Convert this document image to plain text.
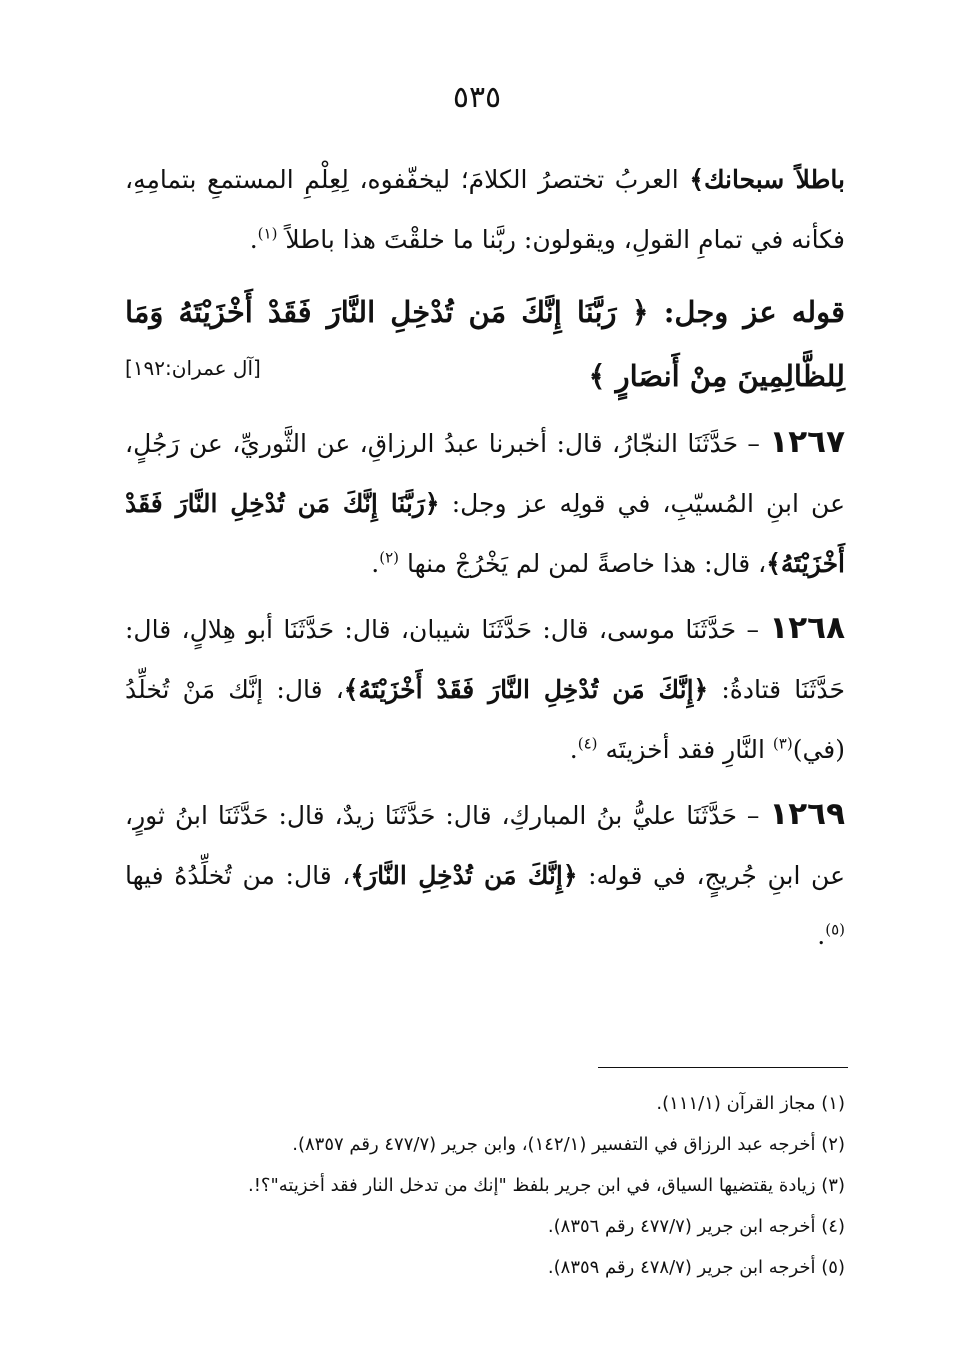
٥٣٥

باطلاً سبحانك﴾ العربُ تختصرُ الكلامَ؛ ليخفّفوه، لِعِلْمِ المستمعِ بتمامِهِ، فكأنه في تمامِ القولِ، ويقولون: ربَّنا ما خلقْتَ هذا باطلاً $^{(١)}$.

قوله عز وجل: ﴿ رَبَّنَا إِنَّكَ مَن تُدْخِلِ النَّارَ فَقَدْ أَخْزَيْتَهُ وَمَا لِلظَّالِمِينَ مِنْ أَنصَارٍ ﴾
[آل عمران:١٩٢]

١٢٦٧ – حَدَّثَنَا النجّارُ، قال: أخبرنا عبدُ الرزاقِ، عن الثَّوريِّ، عن رَجُلٍ، عن ابنِ المُسيّبِ، في قولِه عز وجل: ﴿رَبَّنَا إِنَّكَ مَن تُدْخِلِ النَّارَ فَقَدْ أَخْزَيْتَهُ﴾، قال: هذا خاصةً لمن لم يَخْرُجْ منها $^{(٢)}$.

١٢٦٨ – حَدَّثَنَا موسى، قال: حَدَّثَنَا شيبان، قال: حَدَّثَنَا أبو هِلالٍ، قال: حَدَّثَنَا قتادةُ: ﴿إِنَّكَ مَن تُدْخِلِ النَّارَ فَقَدْ أَخْزَيْتَهُ﴾، قال: إنَّك مَنْ تُخلِّدُ (في)$^{(٣)}$ النَّارِ فقد أخزيتَه $^{(٤)}$.

١٢٦٩ – حَدَّثَنَا عليُّ بنُ المباركِ، قال: حَدَّثَنَا زيدٌ، قال: حَدَّثَنَا ابنُ ثورٍ، عن ابنِ جُريجٍ، في قوله: ﴿إِنَّكَ مَن تُدْخِلِ النَّارَ﴾، قال: من تُخلِّدُهُ فيها $^{(٥)}$.

(١) مجاز القرآن (١١١/١).

(٢) أخرجه عبد الرزاق في التفسير (١٤٢/١)، وابن جرير (٤٧٧/٧ رقم ٨٣٥٧).

(٣) زيادة يقتضيها السياق، في ابن جرير بلفظ "إنك من تدخل النار فقد أخزيته"؟!.

(٤) أخرجه ابن جرير (٤٧٧/٧ رقم ٨٣٥٦).

(٥) أخرجه ابن جرير (٤٧٨/٧ رقم ٨٣٥٩).
